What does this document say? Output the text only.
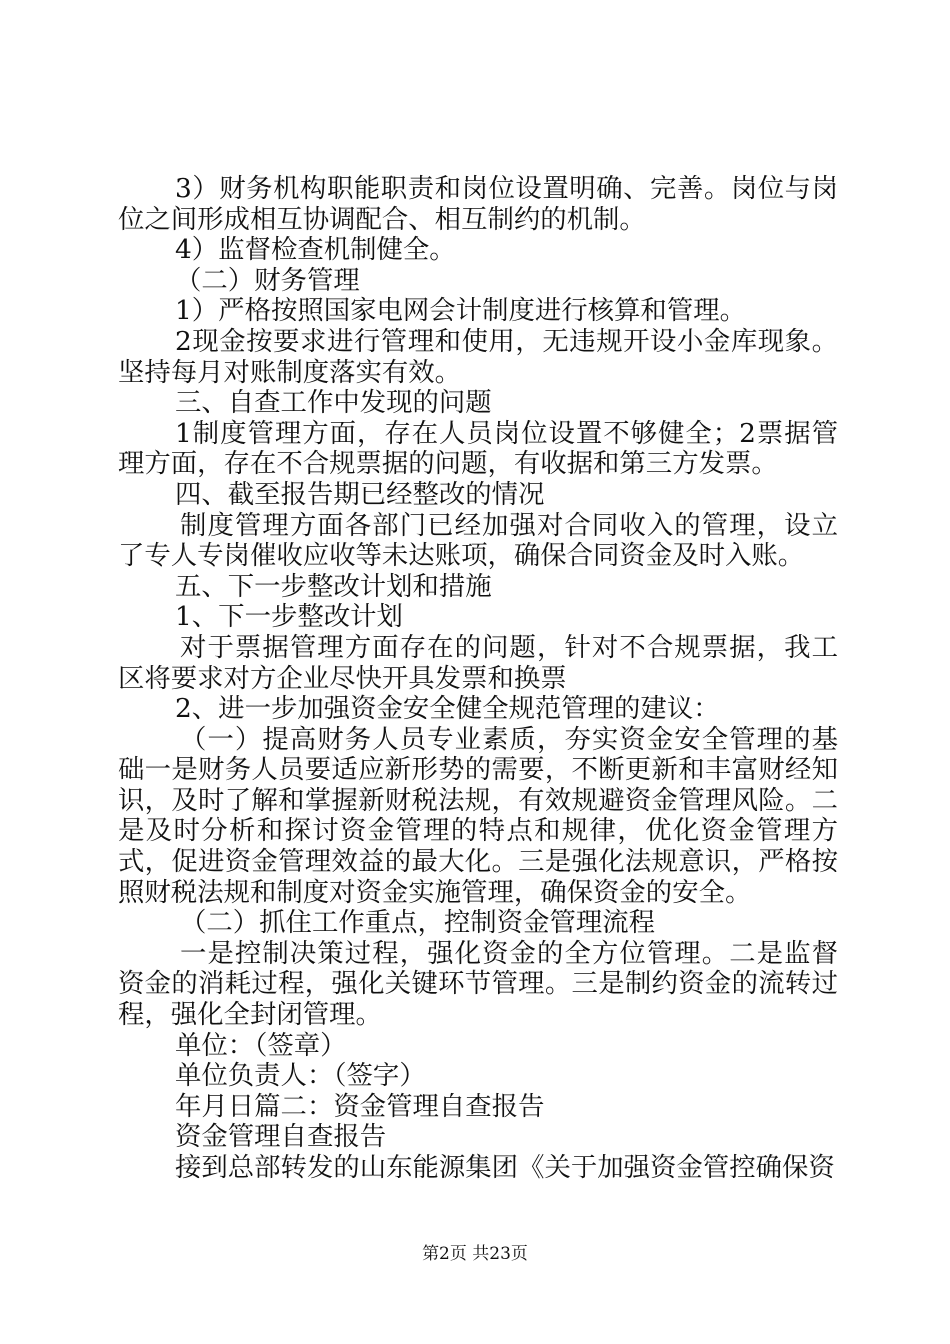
3）财务机构职能职责和岗位设置明确、完善。岗位与岗位之间形成相互协调配合、相互制约的机制。

4）监督检查机制健全。

（二）财务管理

1）严格按照国家电网会计制度进行核算和管理。

2现金按要求进行管理和使用，无违规开设小金库现象。坚持每月对账制度落实有效。

三、自查工作中发现的问题

1制度管理方面，存在人员岗位设置不够健全；2票据管理方面，存在不合规票据的问题，有收据和第三方发票。

四、截至报告期已经整改的情况

制度管理方面各部门已经加强对合同收入的管理，设立了专人专岗催收应收等未达账项，确保合同资金及时入账。

五、下一步整改计划和措施

1、下一步整改计划

对于票据管理方面存在的问题，针对不合规票据，我工区将要求对方企业尽快开具发票和换票

2、进一步加强资金安全健全规范管理的建议：

（一）提高财务人员专业素质，夯实资金安全管理的基础一是财务人员要适应新形势的需要，不断更新和丰富财经知识，及时了解和掌握新财税法规，有效规避资金管理风险。二是及时分析和探讨资金管理的特点和规律，优化资金管理方式，促进资金管理效益的最大化。三是强化法规意识，严格按照财税法规和制度对资金实施管理，确保资金的安全。

（二）抓住工作重点，控制资金管理流程

一是控制决策过程，强化资金的全方位管理。二是监督资金的消耗过程，强化关键环节管理。三是制约资金的流转过程，强化全封闭管理。

单位：（签章）

单位负责人：（签字）

年月日篇二：资金管理自查报告

资金管理自查报告

接到总部转发的山东能源集团《关于加强资金管控确保资

第2页 共23页
